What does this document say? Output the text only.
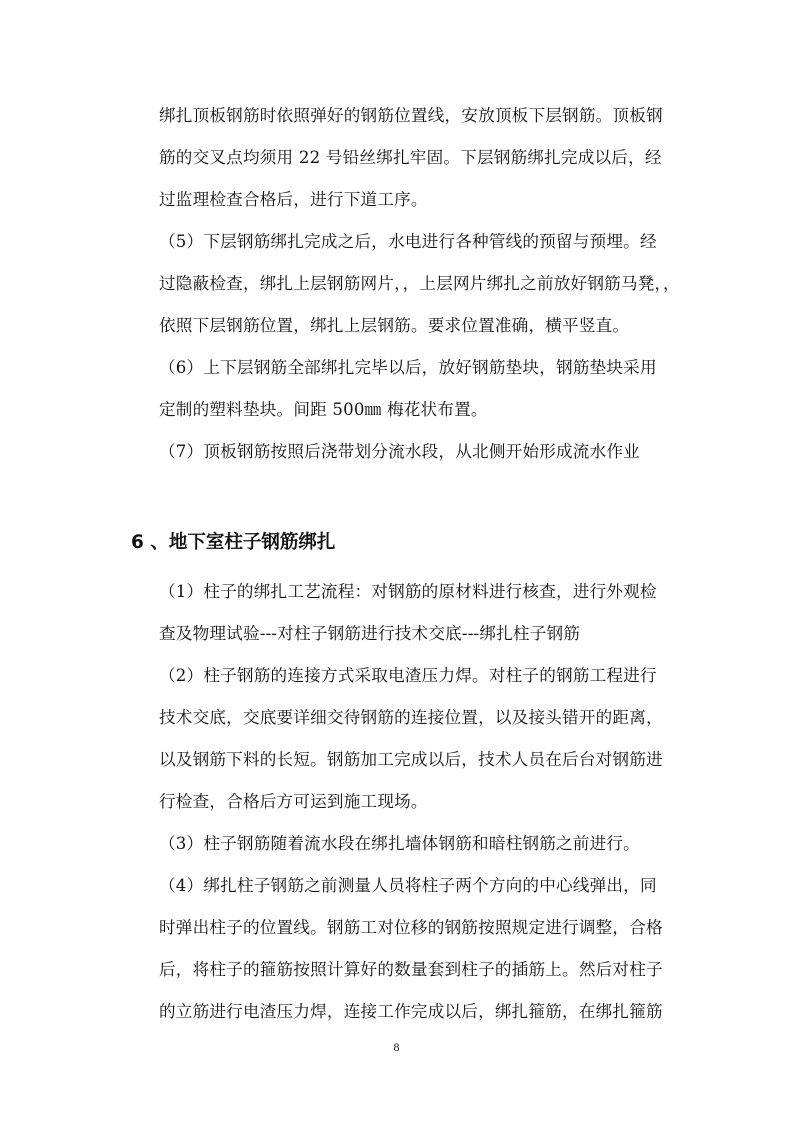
绑扎顶板钢筋时依照弹好的钢筋位置线，安放顶板下层钢筋。顶板钢
筋的交叉点均须用 22 号铅丝绑扎牢固。下层钢筋绑扎完成以后，经
过监理检查合格后，进行下道工序。
（5）下层钢筋绑扎完成之后，水电进行各种管线的预留与预埋。经
过隐蔽检查，绑扎上层钢筋网片，，上层网片绑扎之前放好钢筋马凳，，
依照下层钢筋位置，绑扎上层钢筋。要求位置准确，横平竖直。
（6）上下层钢筋全部绑扎完毕以后，放好钢筋垫块，钢筋垫块采用
定制的塑料垫块。间距 500㎜ 梅花状布置。
（7）顶板钢筋按照后浇带划分流水段，从北侧开始形成流水作业
6 、地下室柱子钢筋绑扎
（1）柱子的绑扎工艺流程：对钢筋的原材料进行核查，进行外观检
查及物理试验---对柱子钢筋进行技术交底---绑扎柱子钢筋
（2）柱子钢筋的连接方式采取电渣压力焊。对柱子的钢筋工程进行
技术交底，交底要详细交待钢筋的连接位置，以及接头错开的距离，
以及钢筋下料的长短。钢筋加工完成以后，技术人员在后台对钢筋进
行检查，合格后方可运到施工现场。
（3）柱子钢筋随着流水段在绑扎墙体钢筋和暗柱钢筋之前进行。
（4）绑扎柱子钢筋之前测量人员将柱子两个方向的中心线弹出，同
时弹出柱子的位置线。钢筋工对位移的钢筋按照规定进行调整，合格
后，将柱子的箍筋按照计算好的数量套到柱子的插筋上。然后对柱子
的立筋进行电渣压力焊，连接工作完成以后，绑扎箍筋，在绑扎箍筋
8
